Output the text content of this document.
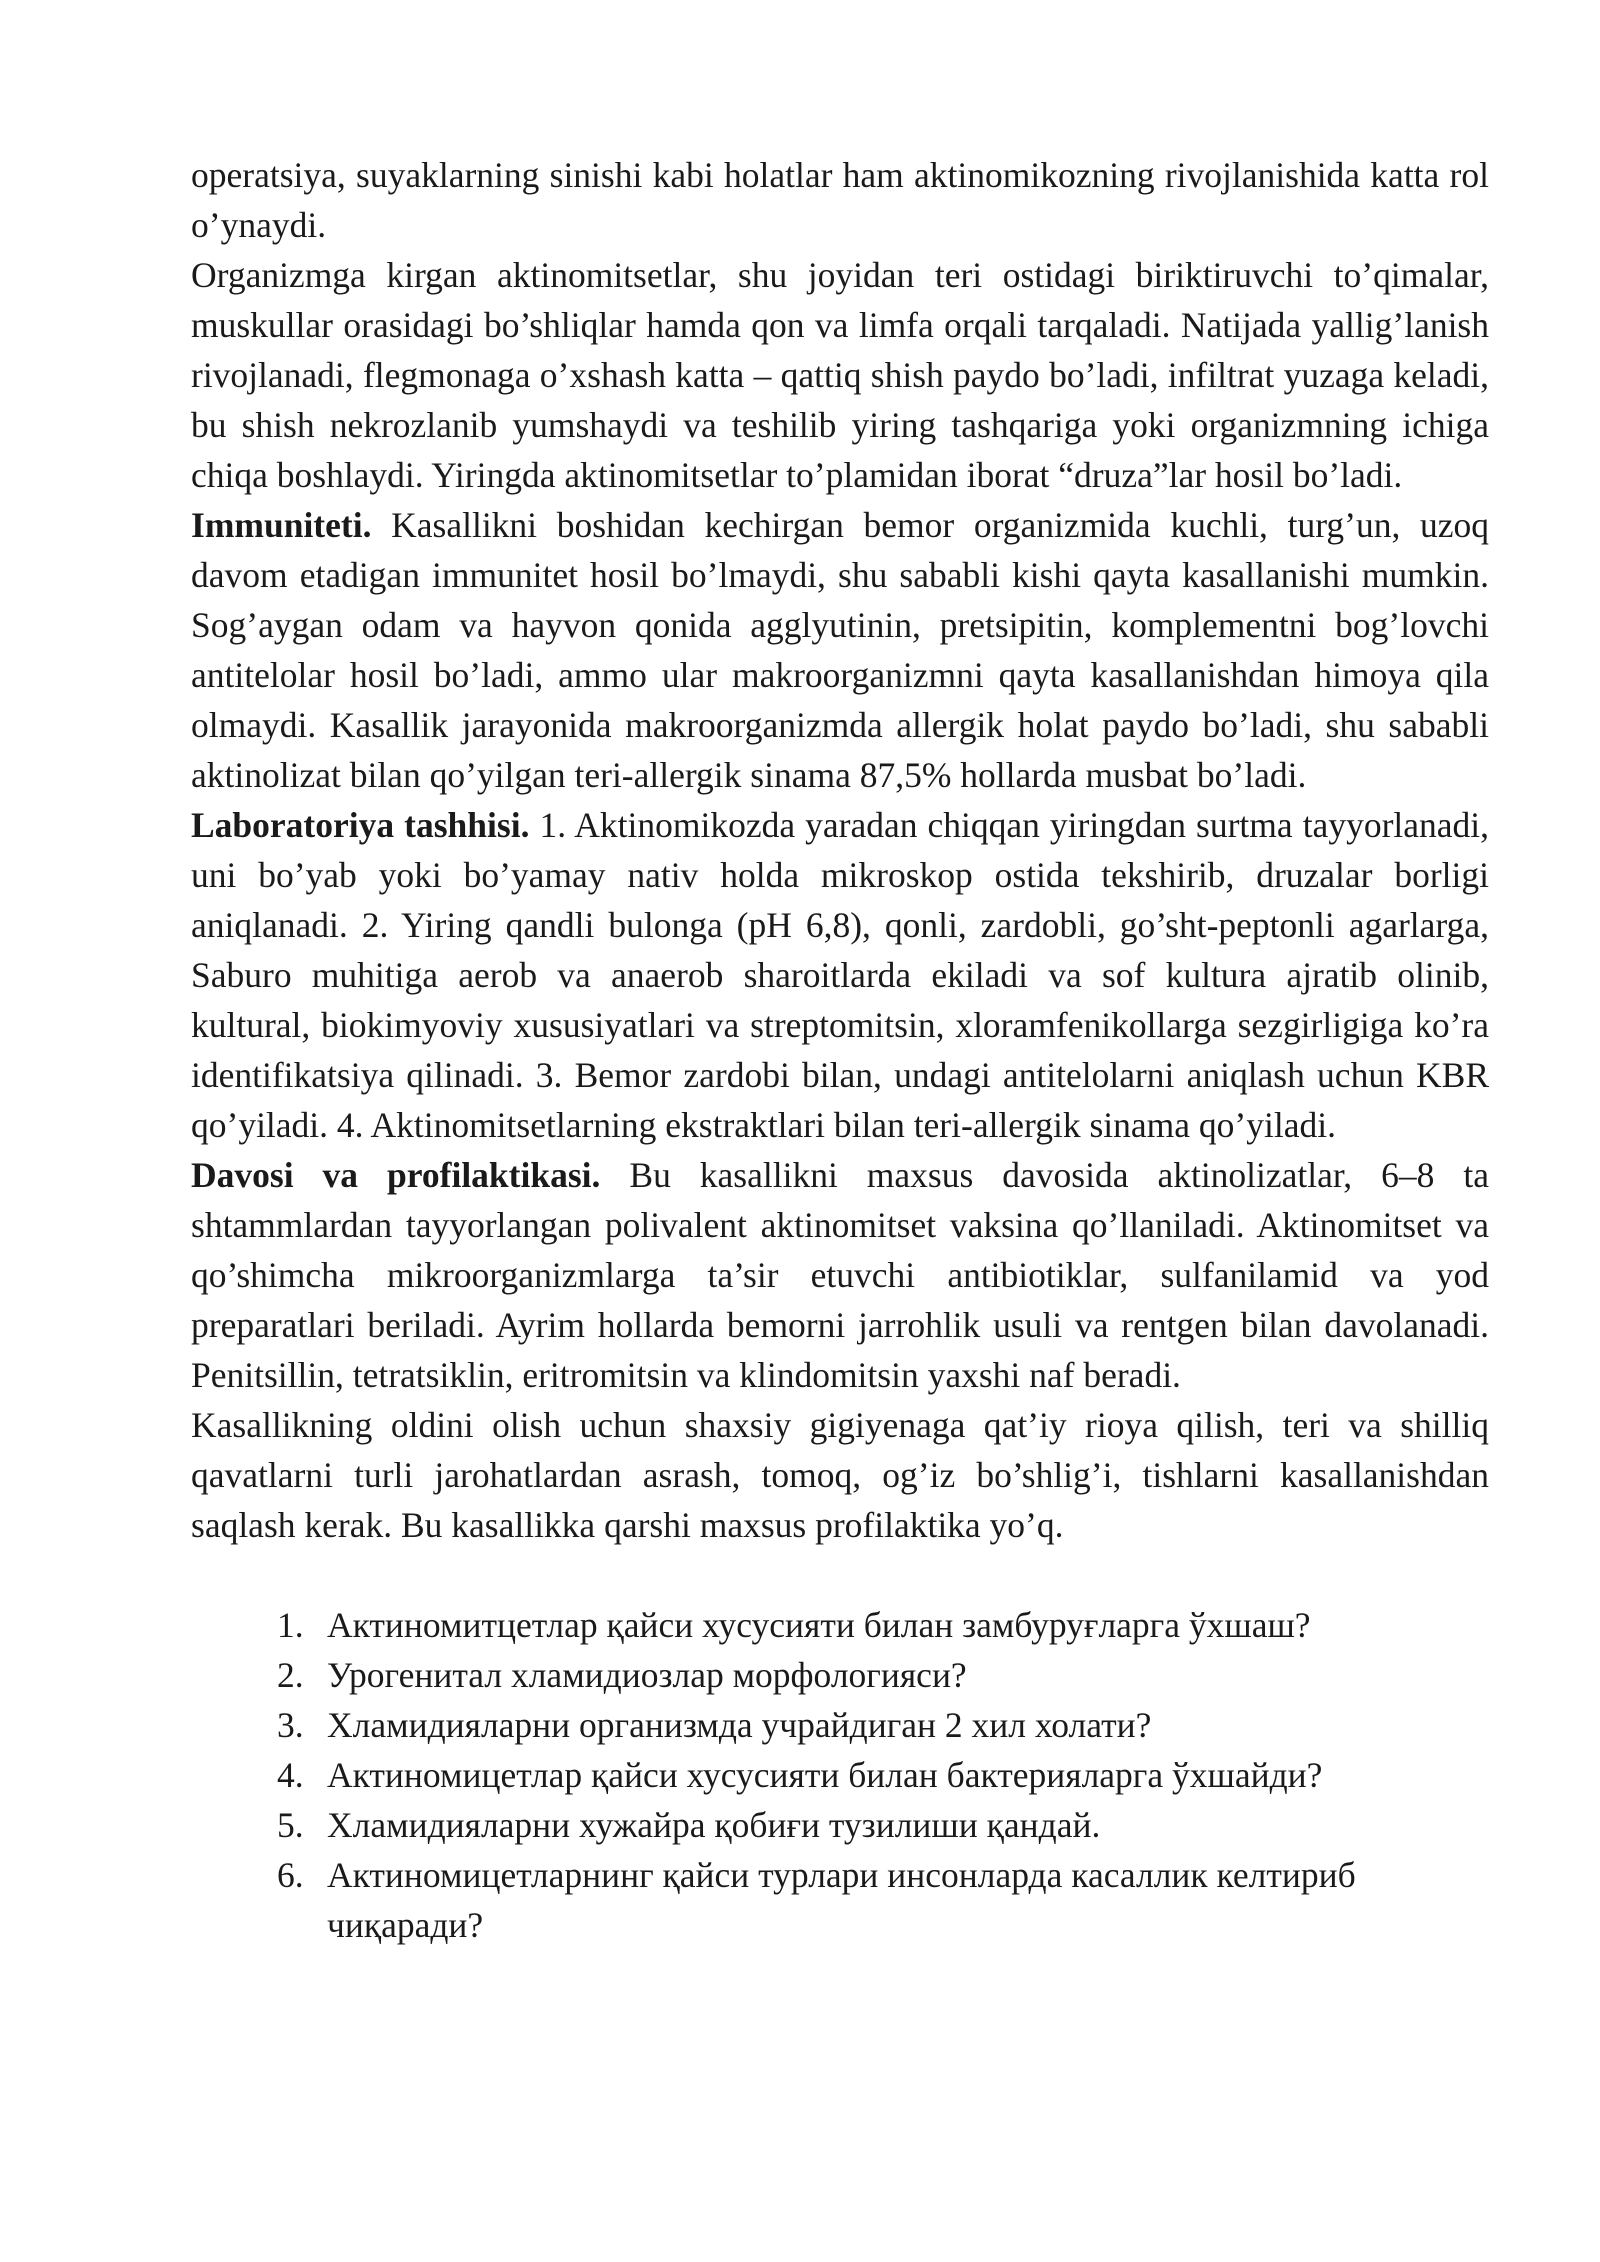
operatsiya, suyaklarning sinishi kabi holatlar ham aktinomikozning rivojlanishida katta rol o’ynaydi.

Organizmga kirgan aktinomitsetlar, shu joyidan teri ostidagi biriktiruvchi to’qimalar, muskullar orasidagi bo’shliqlar hamda qon va limfa orqali tarqaladi. Natijada yallig’lanish rivojlanadi, flegmonaga o’xshash katta – qattiq shish paydo bo’ladi, infiltrat yuzaga keladi, bu shish nekrozlanib yumshaydi va teshilib yiring tashqariga yoki organizmning ichiga chiqa boshlaydi. Yiringda aktinomitsetlar to’plamidan iborat “druza”lar hosil bo’ladi.

Immuniteti. Kasallikni boshidan kechirgan bemor organizmida kuchli, turg’un, uzoq davom etadigan immunitet hosil bo’lmaydi, shu sababli kishi qayta kasallanishi mumkin. Sog’aygan odam va hayvon qonida agglyutinin, pretsipitin, komplementni bog’lovchi antitelolar hosil bo’ladi, ammo ular makroorganizmni qayta kasallanishdan himoya qila olmaydi. Kasallik jarayonida makroorganizmda allergik holat paydo bo’ladi, shu sababli aktinolizat bilan qo’yilgan teri-allergik sinama 87,5% hollarda musbat bo’ladi.

Laboratoriya tashhisi. 1. Aktinomikozda yaradan chiqqan yiringdan surtma tayyorlanadi, uni bo’yab yoki bo’yamay nativ holda mikroskop ostida tekshirib, druzalar borligi aniqlanadi. 2. Yiring qandli bulonga (pH 6,8), qonli, zardobli, go’sht-peptonli agarlarga, Saburo muhitiga aerob va anaerob sharoitlarda ekiladi va sof kultura ajratib olinib, kultural, biokimyoviy xususiyatlari va streptomitsin, xloramfenikollarga sezgirligiga ko’ra identifikatsiya qilinadi. 3. Bemor zardobi bilan, undagi antitelolarni aniqlash uchun KBR qo’yiladi. 4. Aktinomitsetlarning ekstraktlari bilan teri-allergik sinama qo’yiladi.

Davosi va profilaktikasi. Bu kasallikni maxsus davosida aktinolizatlar, 6–8 ta shtammlardan tayyorlangan polivalent aktinomitset vaksina qo’llaniladi. Aktinomitset va qo’shimcha mikroorganizmlarga ta’sir etuvchi antibiotiklar, sulfanilamid va yod preparatlari beriladi. Ayrim hollarda bemorni jarrohlik usuli va rentgen bilan davolanadi. Penitsillin, tetratsiklin, eritromitsin va klindomitsin yaxshi naf beradi.

Kasallikning oldini olish uchun shaxsiy gigiyenaga qat’iy rioya qilish, teri va shilliq qavatlarni turli jarohatlardan asrash, tomoq, og’iz bo’shlig’i, tishlarni kasallanishdan saqlash kerak. Bu kasallikka qarshi maxsus profilaktika yo’q.

1. Актиномитцетлар қайси хусусияти билан замбуруғларга ўхшаш?
2. Урогенитал хламидиозлар морфологияси?
3. Хламидияларни организмда учрайдиган 2 хил холати?
4. Актиномицетлар қайси хусусияти билан бактерияларга ўхшайди?
5. Хламидияларни хужайра қобиғи тузилиши қандай.
6. Актиномицетларнинг қайси турлари инсонларда касаллик келтириб чиқаради?
